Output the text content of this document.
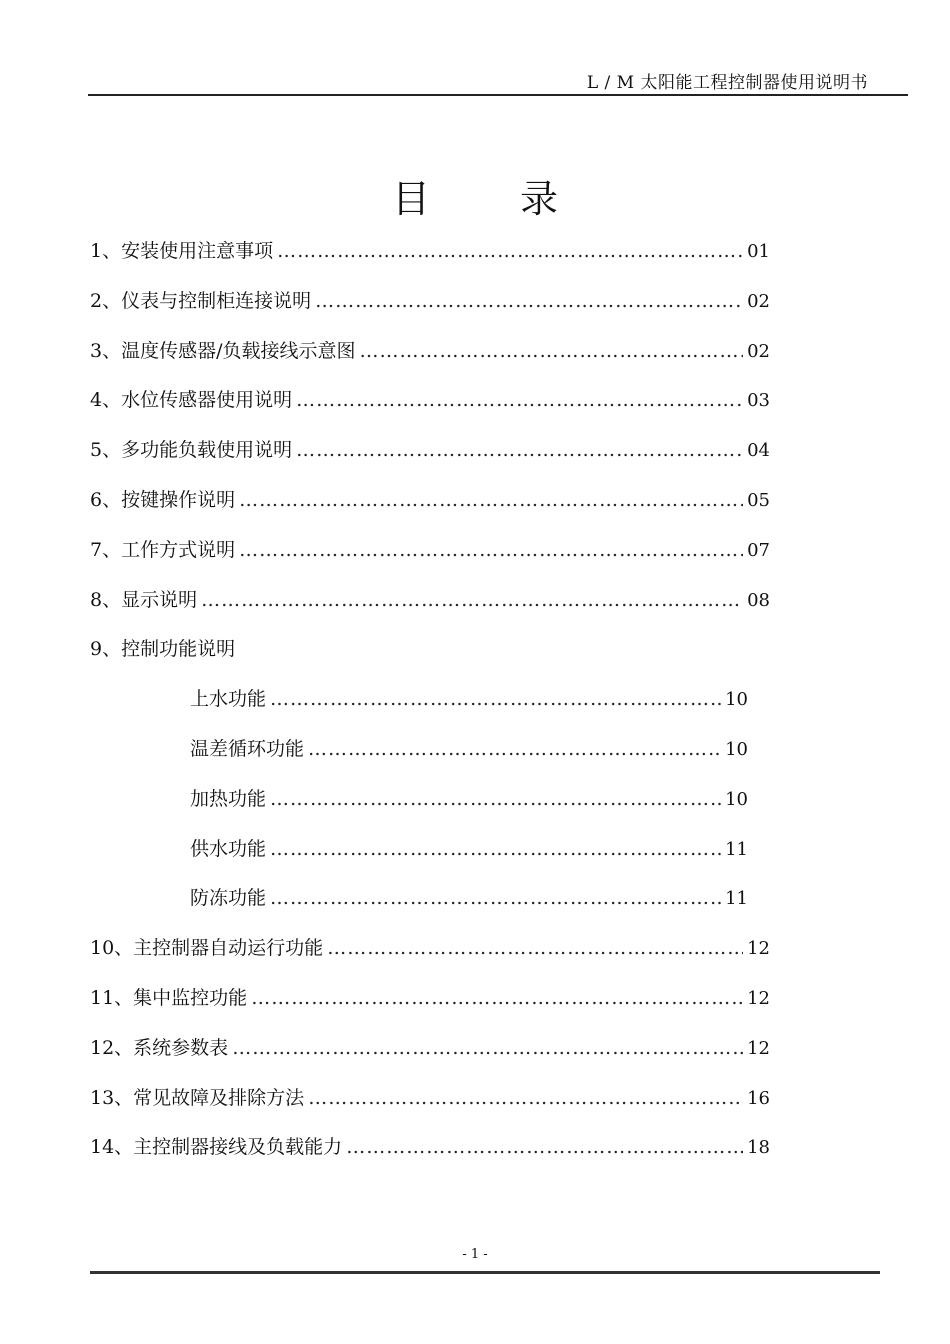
L / M 太阳能工程控制器使用说明书
目 录
1、安装使用注意事项 ……………………………………………………………………………………………………………………………………	01
2、仪表与控制柜连接说明 ……………………………………………………………………………………………………………………………………	02
3、温度传感器/负载接线示意图 ……………………………………………………………………………………………………………………………………	02
4、水位传感器使用说明 ……………………………………………………………………………………………………………………………………	03
5、多功能负载使用说明 ……………………………………………………………………………………………………………………………………	04
6、按键操作说明 ……………………………………………………………………………………………………………………………………	05
7、工作方式说明 ……………………………………………………………………………………………………………………………………	07
8、显示说明 ……………………………………………………………………………………………………………………………………	08
9、控制功能说明
上水功能 ……………………………………………………………………………………………………………………………………	10
温差循环功能 ……………………………………………………………………………………………………………………………………	10
加热功能 ……………………………………………………………………………………………………………………………………	10
供水功能 ……………………………………………………………………………………………………………………………………	11
防冻功能 ……………………………………………………………………………………………………………………………………	11
10、主控制器自动运行功能 ……………………………………………………………………………………………………………………………………	12
11、集中监控功能 ……………………………………………………………………………………………………………………………………	12
12、系统参数表 ……………………………………………………………………………………………………………………………………	12
13、常见故障及排除方法 ……………………………………………………………………………………………………………………………………	16
14、主控制器接线及负载能力 ……………………………………………………………………………………………………………………………………	18
- 1 -
